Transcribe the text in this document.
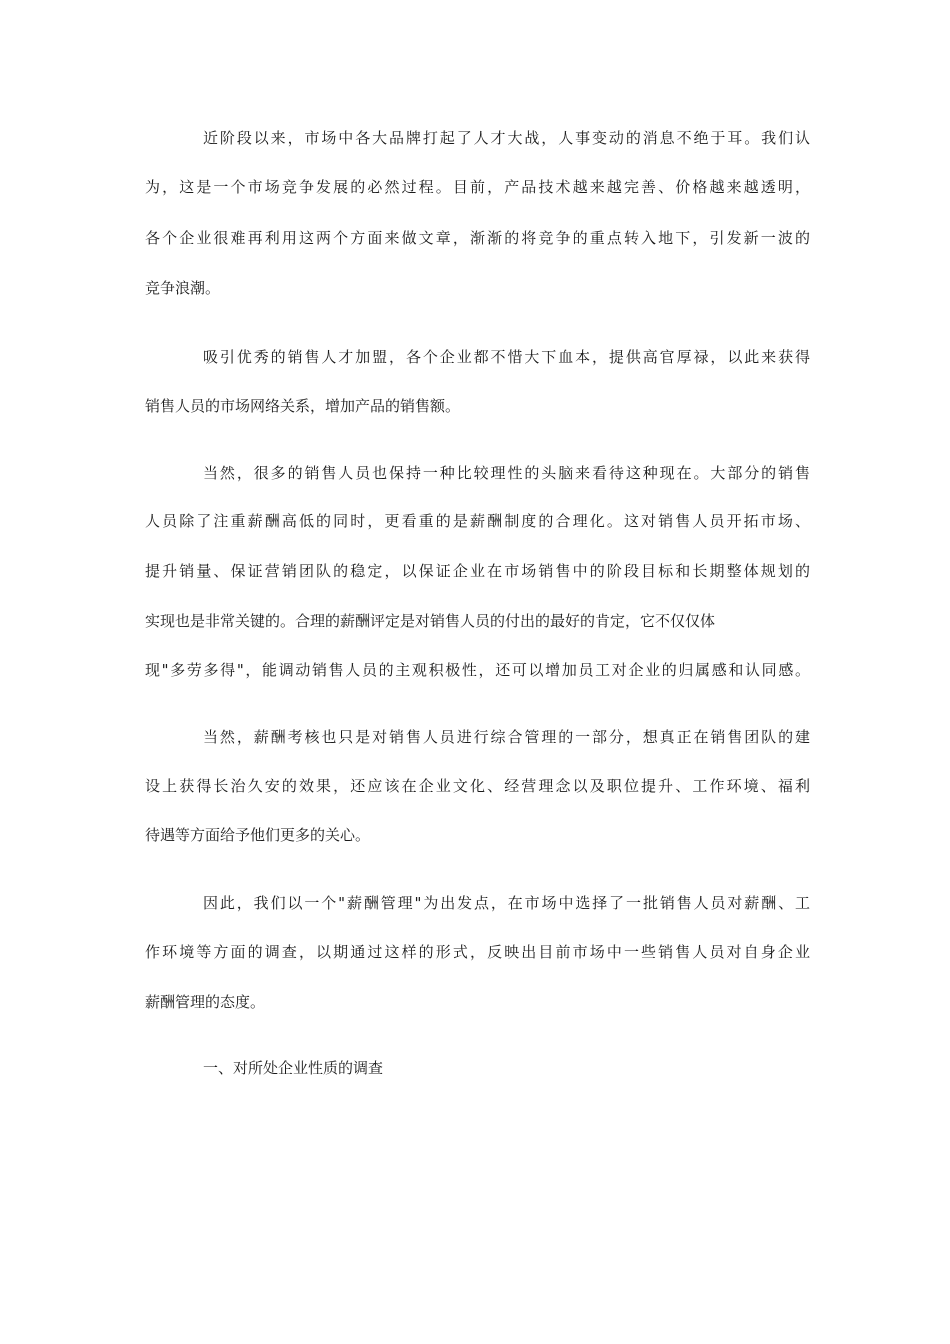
近阶段以来，市场中各大品牌打起了人才大战，人事变动的消息不绝于耳。我们认
为，这是一个市场竞争发展的必然过程。目前，产品技术越来越完善、价格越来越透明，
各个企业很难再利用这两个方面来做文章，渐渐的将竞争的重点转入地下，引发新一波的
竞争浪潮。
吸引优秀的销售人才加盟，各个企业都不惜大下血本，提供高官厚禄，以此来获得
销售人员的市场网络关系，增加产品的销售额。
当然，很多的销售人员也保持一种比较理性的头脑来看待这种现在。大部分的销售
人员除了注重薪酬高低的同时，更看重的是薪酬制度的合理化。这对销售人员开拓市场、
提升销量、保证营销团队的稳定，以保证企业在市场销售中的阶段目标和长期整体规划的
实现也是非常关键的。合理的薪酬评定是对销售人员的付出的最好的肯定，它不仅仅体
现"多劳多得"，能调动销售人员的主观积极性，还可以增加员工对企业的归属感和认同感。
当然，薪酬考核也只是对销售人员进行综合管理的一部分，想真正在销售团队的建
设上获得长治久安的效果，还应该在企业文化、经营理念以及职位提升、工作环境、福利
待遇等方面给予他们更多的关心。
因此，我们以一个"薪酬管理"为出发点，在市场中选择了一批销售人员对薪酬、工
作环境等方面的调查，以期通过这样的形式，反映出目前市场中一些销售人员对自身企业
薪酬管理的态度。
一、对所处企业性质的调查
